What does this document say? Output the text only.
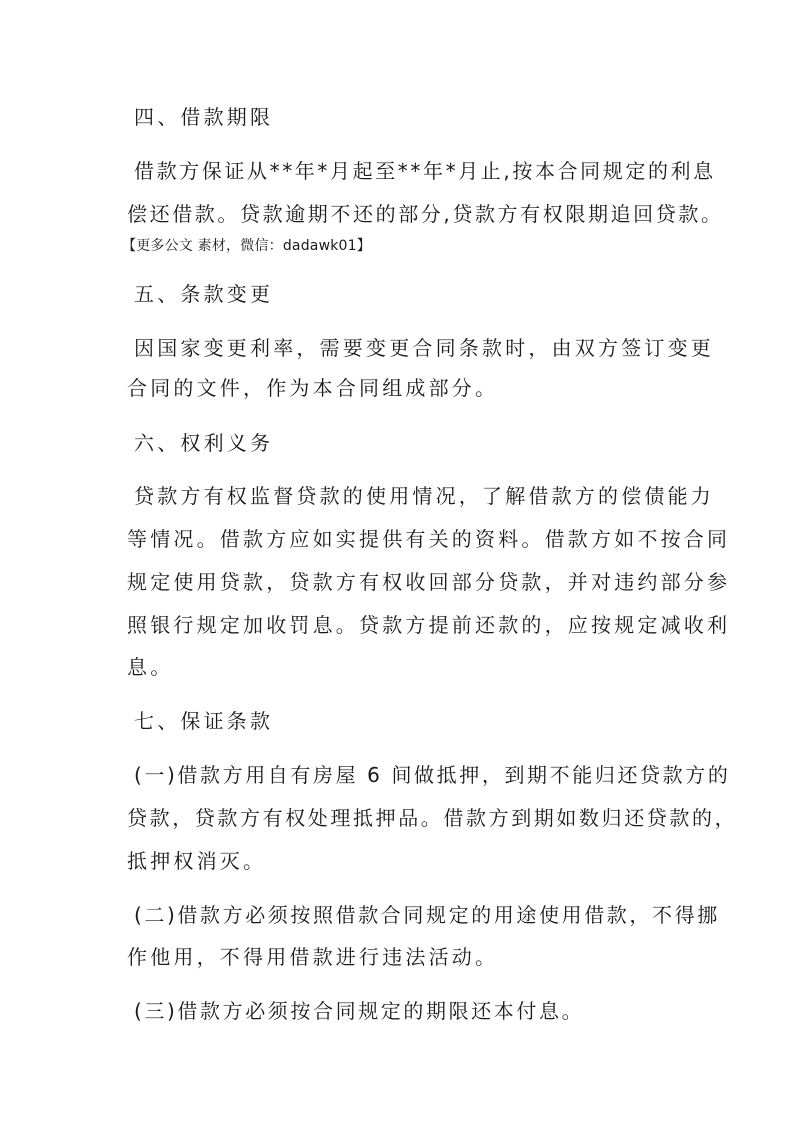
四、借款期限
借款方保证从**年*月起至**年*月止,按本合同规定的利息
偿还借款。贷款逾期不还的部分,贷款方有权限期追回贷款。
【更多公文 素材，微信：dadawk01】
五、条款变更
因国家变更利率，需要变更合同条款时，由双方签订变更
合同的文件，作为本合同组成部分。
六、权利义务
贷款方有权监督贷款的使用情况，了解借款方的偿债能力
等情况。借款方应如实提供有关的资料。借款方如不按合同
规定使用贷款，贷款方有权收回部分贷款，并对违约部分参
照银行规定加收罚息。贷款方提前还款的，应按规定减收利
息。
七、保证条款
(一)借款方用自有房屋 6 间做抵押，到期不能归还贷款方的
贷款，贷款方有权处理抵押品。借款方到期如数归还贷款的，
抵押权消灭。
(二)借款方必须按照借款合同规定的用途使用借款，不得挪
作他用，不得用借款进行违法活动。
(三)借款方必须按合同规定的期限还本付息。
